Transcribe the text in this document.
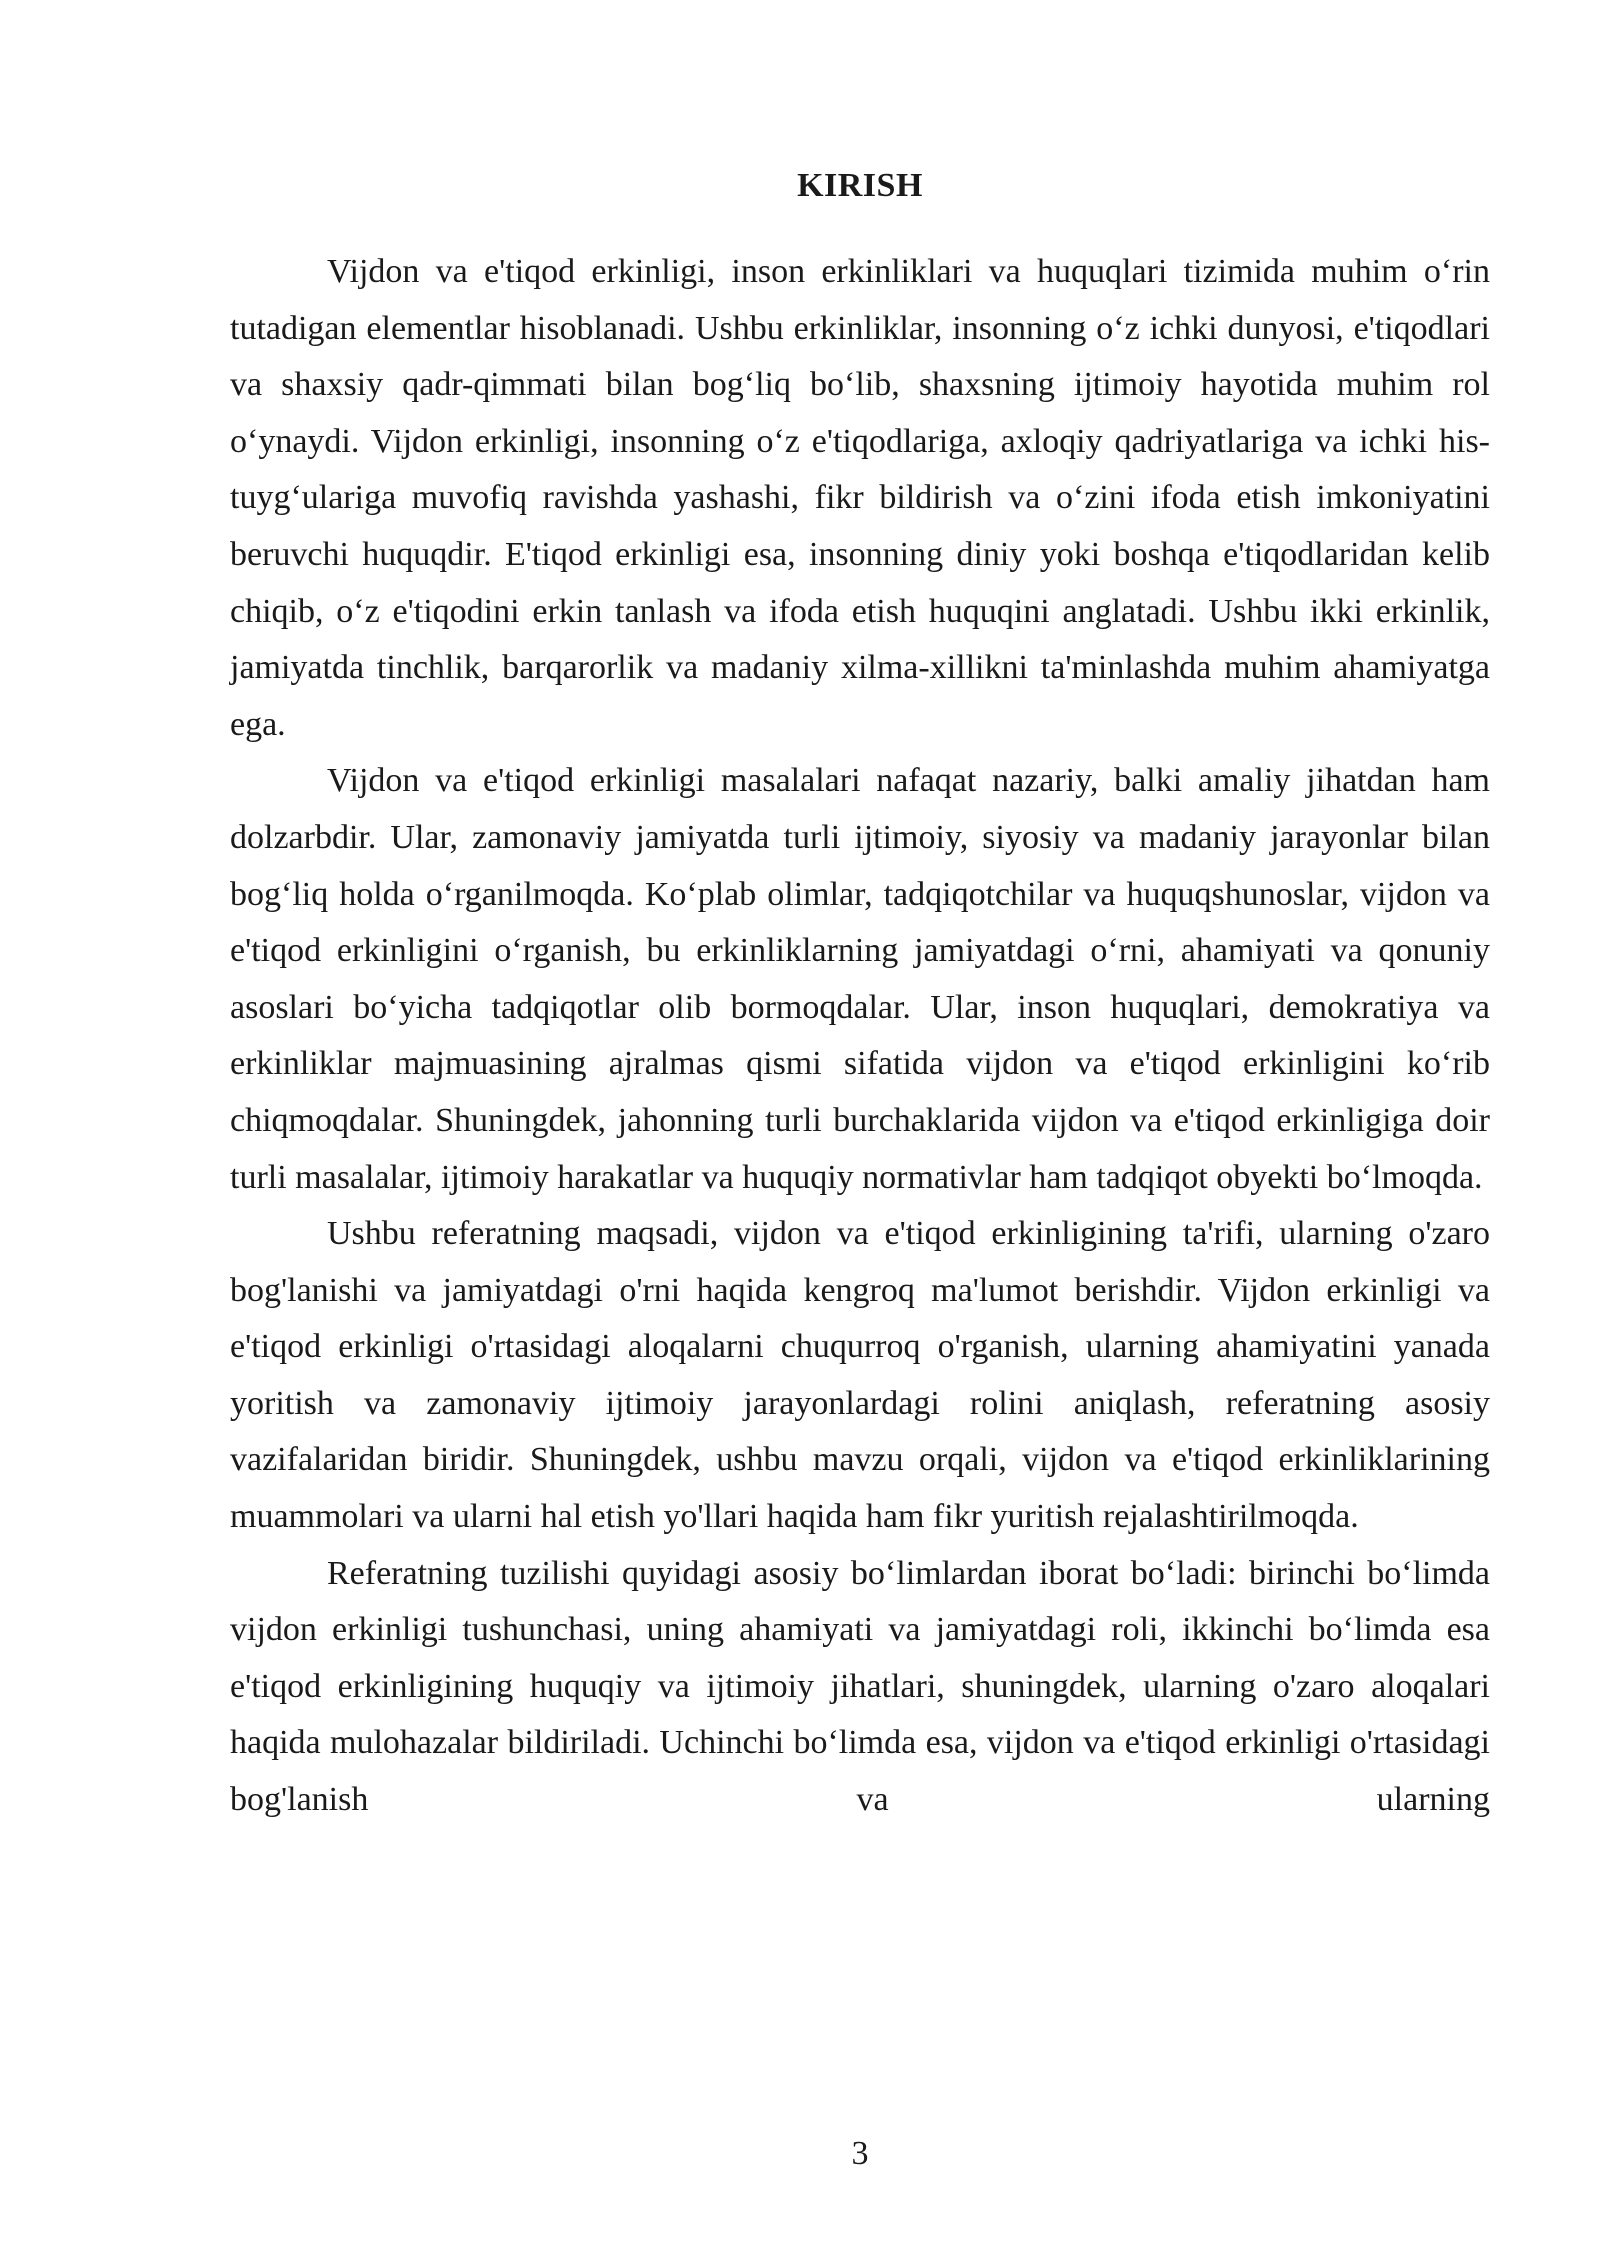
KIRISH

Vijdon va e'tiqod erkinligi, inson erkinliklari va huquqlari tizimida muhim o‘rin tutadigan elementlar hisoblanadi. Ushbu erkinliklar, insonning o‘z ichki dunyosi, e'tiqodlari va shaxsiy qadr-qimmati bilan bog‘liq bo‘lib, shaxsning ijtimoiy hayotida muhim rol o‘ynaydi. Vijdon erkinligi, insonning o‘z e'tiqodlariga, axloqiy qadriyatlariga va ichki his-tuyg‘ulariga muvofiq ravishda yashashi, fikr bildirish va o‘zini ifoda etish imkoniyatini beruvchi huquqdir. E'tiqod erkinligi esa, insonning diniy yoki boshqa e'tiqodlaridan kelib chiqib, o‘z e'tiqodini erkin tanlash va ifoda etish huquqini anglatadi. Ushbu ikki erkinlik, jamiyatda tinchlik, barqarorlik va madaniy xilma-xillikni ta'minlashda muhim ahamiyatga ega.

Vijdon va e'tiqod erkinligi masalalari nafaqat nazariy, balki amaliy jihatdan ham dolzarbdir. Ular, zamonaviy jamiyatda turli ijtimoiy, siyosiy va madaniy jarayonlar bilan bog‘liq holda o‘rganilmoqda. Ko‘plab olimlar, tadqiqotchilar va huquqshunoslar, vijdon va e'tiqod erkinligini o‘rganish, bu erkinliklarning jamiyatdagi o‘rni, ahamiyati va qonuniy asoslari bo‘yicha tadqiqotlar olib bormoqdalar. Ular, inson huquqlari, demokratiya va erkinliklar majmuasining ajralmas qismi sifatida vijdon va e'tiqod erkinligini ko‘rib chiqmoqdalar. Shuningdek, jahonning turli burchaklarida vijdon va e'tiqod erkinligiga doir turli masalalar, ijtimoiy harakatlar va huquqiy normativlar ham tadqiqot obyekti bo‘lmoqda.

Ushbu referatning maqsadi, vijdon va e'tiqod erkinligining ta'rifi, ularning o'zaro bog'lanishi va jamiyatdagi o'rni haqida kengroq ma'lumot berishdir. Vijdon erkinligi va e'tiqod erkinligi o'rtasidagi aloqalarni chuqurroq o'rganish, ularning ahamiyatini yanada yoritish va zamonaviy ijtimoiy jarayonlardagi rolini aniqlash, referatning asosiy vazifalaridan biridir. Shuningdek, ushbu mavzu orqali, vijdon va e'tiqod erkinliklarining muammolari va ularni hal etish yo'llari haqida ham fikr yuritish rejalashtirilmoqda.

Referatning tuzilishi quyidagi asosiy bo‘limlardan iborat bo‘ladi: birinchi bo‘limda vijdon erkinligi tushunchasi, uning ahamiyati va jamiyatdagi roli, ikkinchi bo‘limda esa e'tiqod erkinligining huquqiy va ijtimoiy jihatlari, shuningdek, ularning o'zaro aloqalari haqida mulohazalar bildiriladi. Uchinchi bo‘limda esa, vijdon va e'tiqod erkinligi o'rtasidagi bog'lanish va ularning

3
